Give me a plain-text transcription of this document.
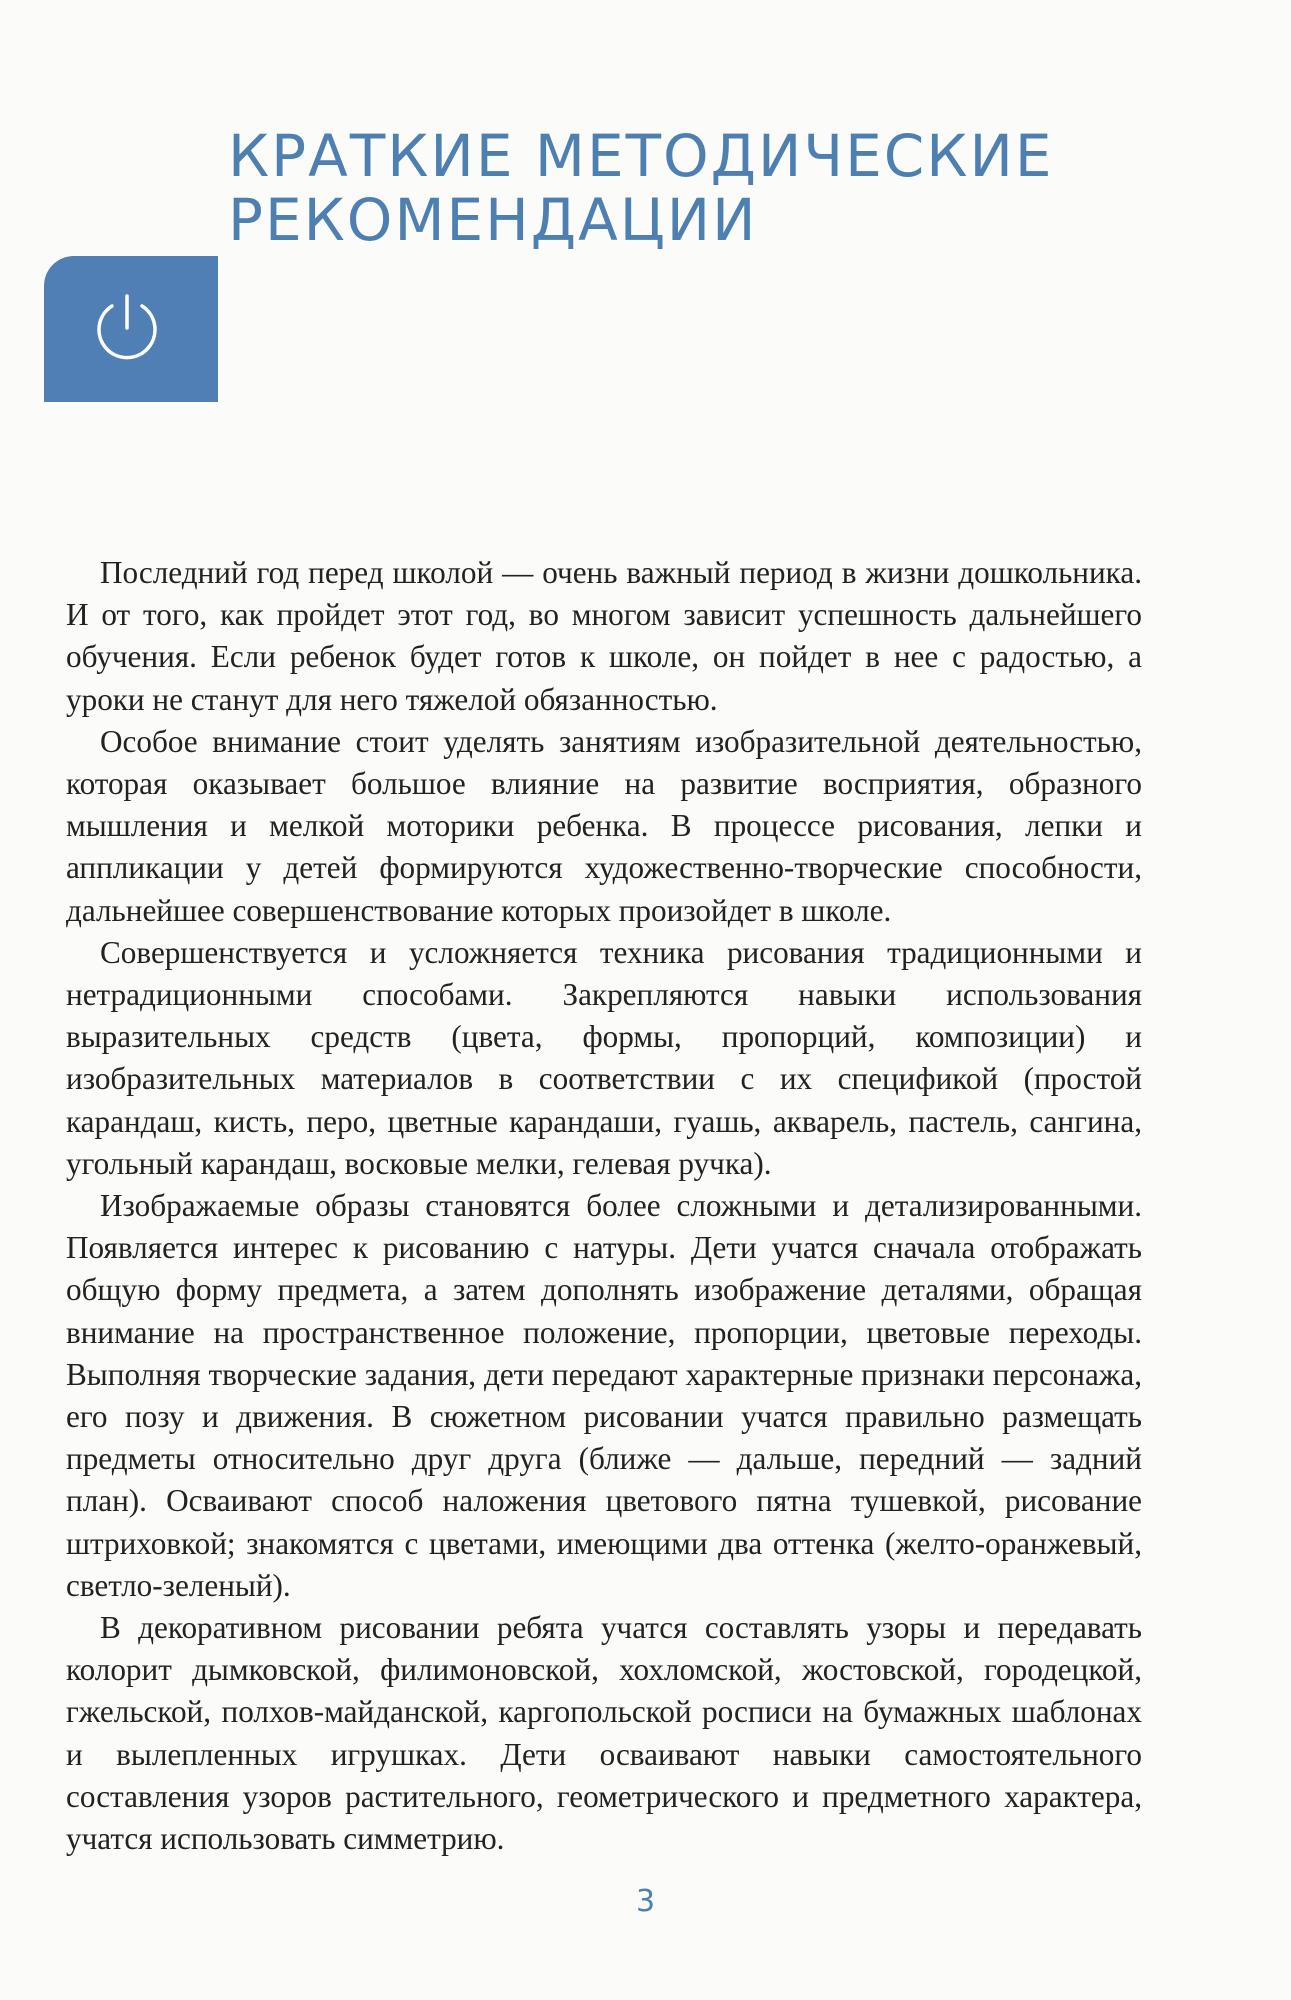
КРАТКИЕ МЕТОДИЧЕСКИЕ
РЕКОМЕНДАЦИИ

Последний год перед школой — очень важный период в жизни дошкольника. И от того, как пройдет этот год, во многом зависит успешность дальнейшего обучения. Если ребенок будет готов к школе, он пойдет в нее с радостью, а уроки не станут для него тяжелой обязанностью.

Особое внимание стоит уделять занятиям изобразительной деятельностью, которая оказывает большое влияние на развитие восприятия, образного мышления и мелкой моторики ребенка. В процессе рисования, лепки и аппликации у детей формируются художественно-творческие способности, дальнейшее совершенствование которых произойдет в школе.

Совершенствуется и усложняется техника рисования традиционными и нетрадиционными способами. Закрепляются навыки использования выразительных средств (цвета, формы, пропорций, композиции) и изобразительных материалов в соответствии с их спецификой (простой карандаш, кисть, перо, цветные карандаши, гуашь, акварель, пастель, сангина, угольный карандаш, восковые мелки, гелевая ручка).

Изображаемые образы становятся более сложными и детализированными. Появляется интерес к рисованию с натуры. Дети учатся сначала отображать общую форму предмета, а затем дополнять изображение деталями, обращая внимание на пространственное положение, пропорции, цветовые переходы. Выполняя творческие задания, дети передают характерные признаки персонажа, его позу и движения. В сюжетном рисовании учатся правильно размещать предметы относительно друг друга (ближе — дальше, передний — задний план). Осваивают способ наложения цветового пятна тушевкой, рисование штриховкой; знакомятся с цветами, имеющими два оттенка (желто-оранжевый, светло-зеленый).

В декоративном рисовании ребята учатся составлять узоры и передавать колорит дымковской, филимоновской, хохломской, жостовской, городецкой, гжельской, полхов-майданской, каргопольской росписи на бумажных шаблонах и вылепленных игрушках. Дети осваивают навыки самостоятельного составления узоров растительного, геометрического и предметного характера, учатся использовать симметрию.

3
